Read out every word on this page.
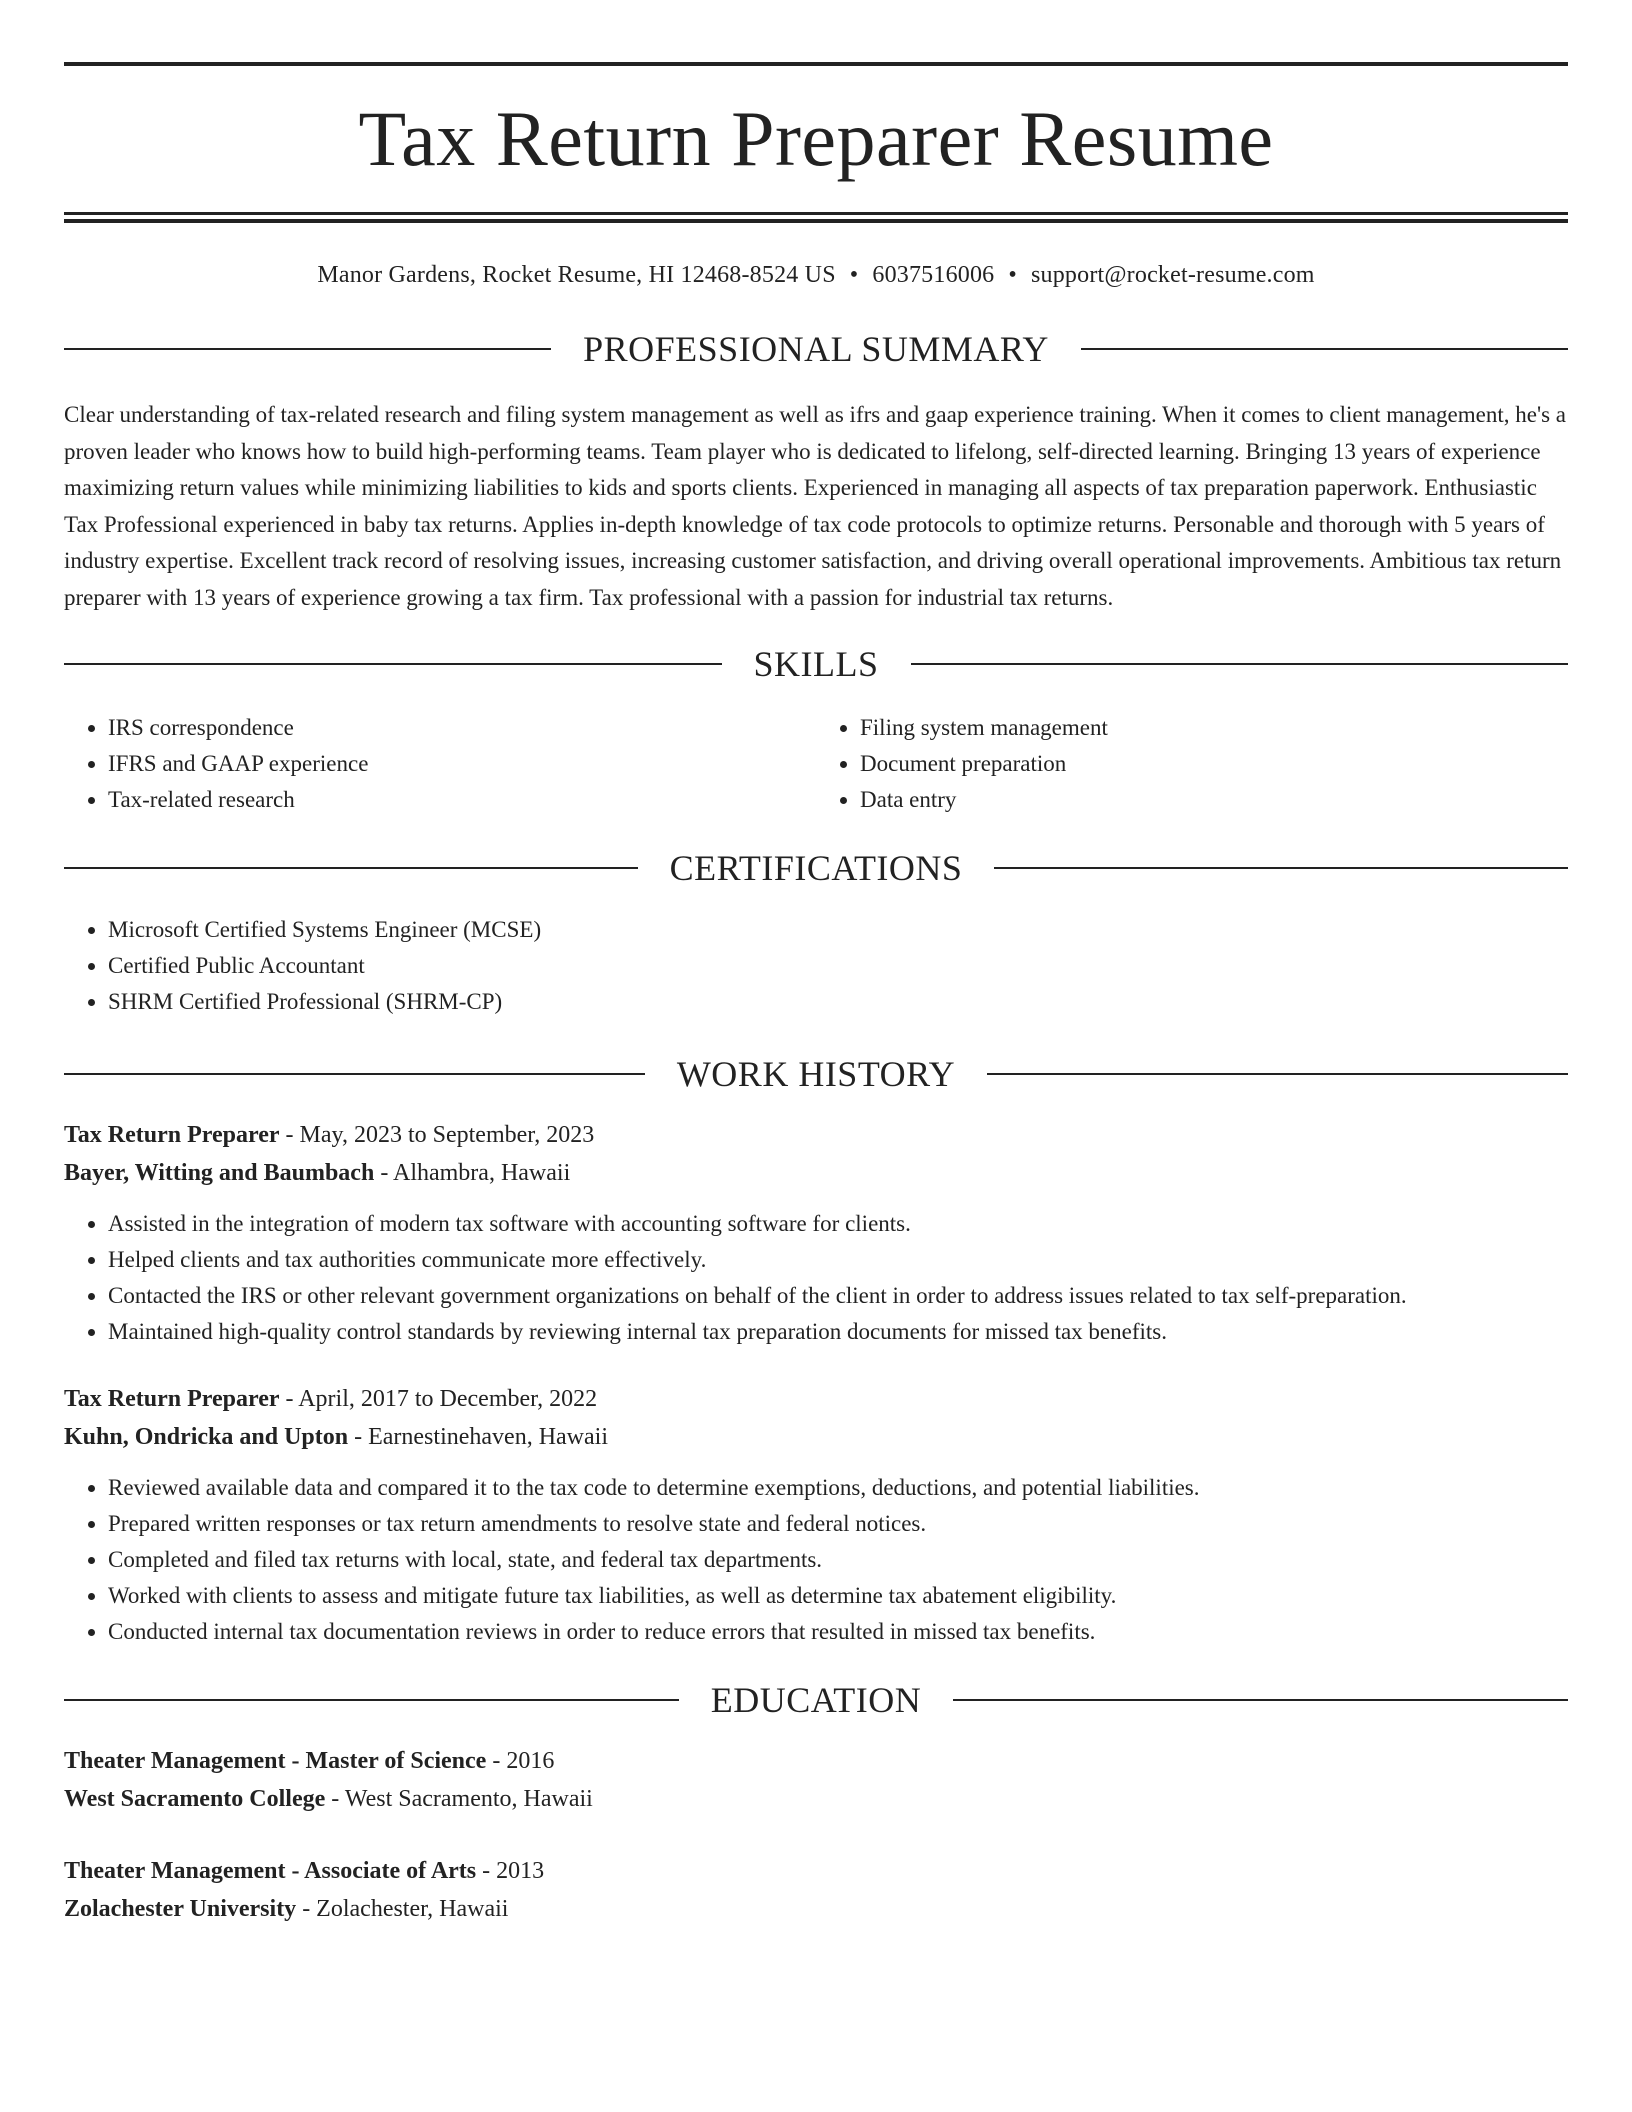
Tax Return Preparer Resume
Manor Gardens, Rocket Resume, HI 12468-8524 US • 6037516006 • support@rocket-resume.com
PROFESSIONAL SUMMARY

Clear understanding of tax-related research and filing system management as well as ifrs and gaap experience training. When it comes to client management, he's a proven leader who knows how to build high-performing teams. Team player who is dedicated to lifelong, self-directed learning. Bringing 13 years of experience maximizing return values while minimizing liabilities to kids and sports clients. Experienced in managing all aspects of tax preparation paperwork. Enthusiastic Tax Professional experienced in baby tax returns. Applies in-depth knowledge of tax code protocols to optimize returns. Personable and thorough with 5 years of industry expertise. Excellent track record of resolving issues, increasing customer satisfaction, and driving overall operational improvements. Ambitious tax return preparer with 13 years of experience growing a tax firm. Tax professional with a passion for industrial tax returns.

SKILLS
• IRS correspondence
• IFRS and GAAP experience
• Tax-related research
• Filing system management
• Document preparation
• Data entry
CERTIFICATIONS
• Microsoft Certified Systems Engineer (MCSE)
• Certified Public Accountant
• SHRM Certified Professional (SHRM-CP)
WORK HISTORY
Tax Return Preparer - May, 2023 to September, 2023
Bayer, Witting and Baumbach - Alhambra, Hawaii
• Assisted in the integration of modern tax software with accounting software for clients.
• Helped clients and tax authorities communicate more effectively.
• Contacted the IRS or other relevant government organizations on behalf of the client in order to address issues related to tax self-preparation.
• Maintained high-quality control standards by reviewing internal tax preparation documents for missed tax benefits.
Tax Return Preparer - April, 2017 to December, 2022
Kuhn, Ondricka and Upton - Earnestinehaven, Hawaii
• Reviewed available data and compared it to the tax code to determine exemptions, deductions, and potential liabilities.
• Prepared written responses or tax return amendments to resolve state and federal notices.
• Completed and filed tax returns with local, state, and federal tax departments.
• Worked with clients to assess and mitigate future tax liabilities, as well as determine tax abatement eligibility.
• Conducted internal tax documentation reviews in order to reduce errors that resulted in missed tax benefits.
EDUCATION
Theater Management - Master of Science - 2016
West Sacramento College - West Sacramento, Hawaii
Theater Management - Associate of Arts - 2013
Zolachester University - Zolachester, Hawaii
